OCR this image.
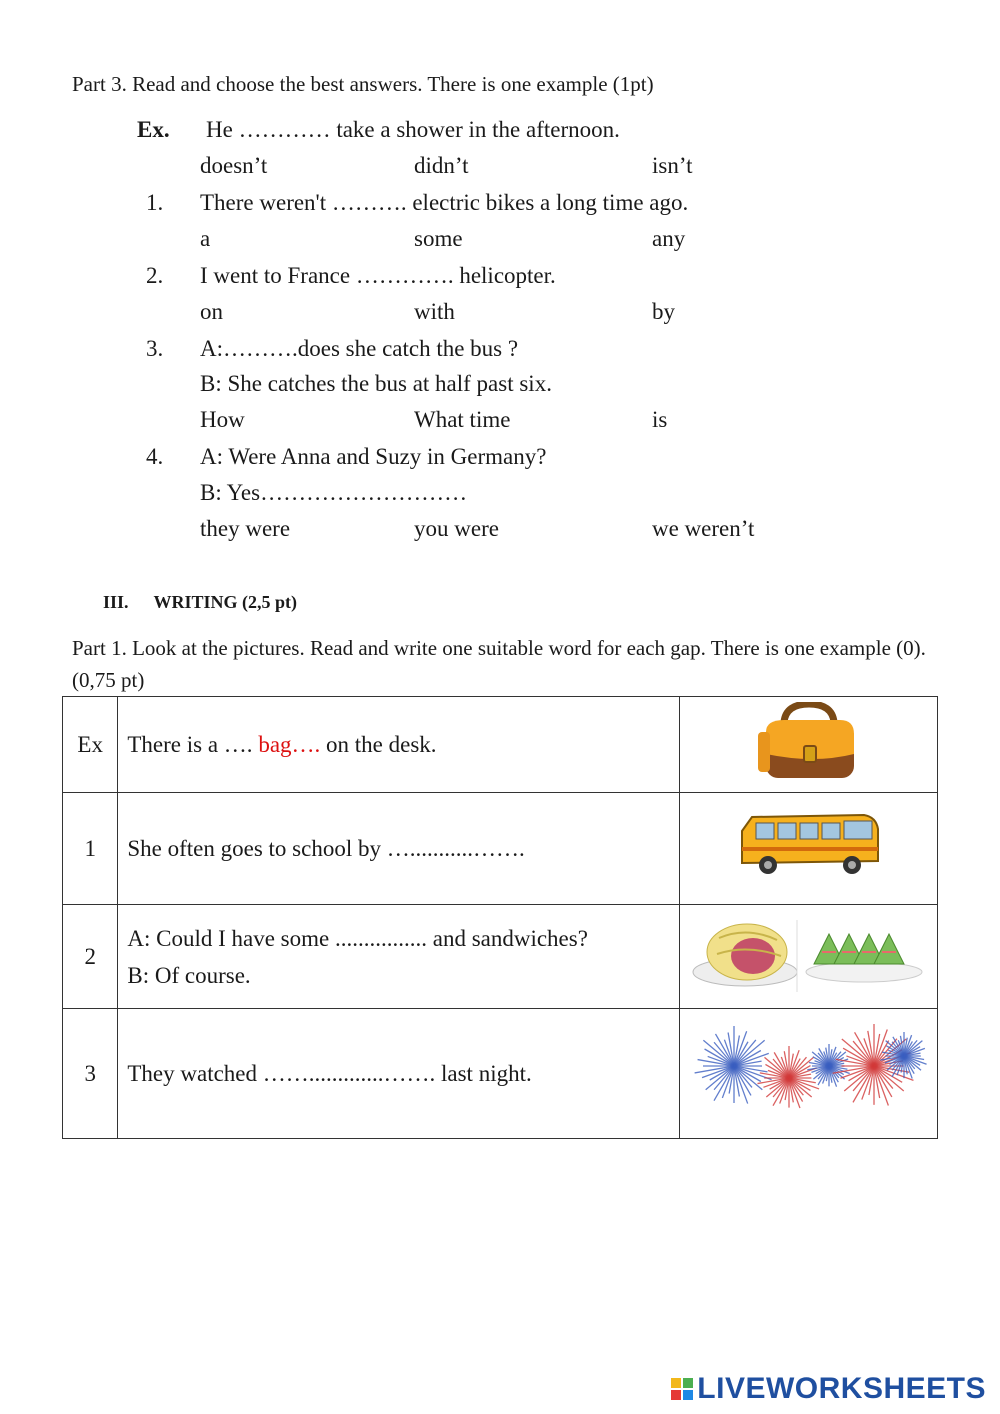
Part 3. Read and choose the best answers. There is one example (1pt)
Ex. He ………… take a shower in the afternoon.
doesn’t	didn’t	isn’t
1. There weren't ………. electric bikes a long time ago.
a	some	any
2. I went to France …………. helicopter.
on	with	by
3. A:……….does she catch the bus ?
B: She catches the bus at half past six.
How	What time	is
4. A: Were Anna and Suzy in Germany?
B: Yes………………………
they were	you were	we weren’t
III. WRITING (2,5 pt)
Part 1. Look at the pictures. Read and write one suitable word for each gap. There is one example (0). (0,75 pt)
Ex	There is a …. bag…. on the desk.	
1	She often goes to school by …...........…….	
2	A: Could I have some ................ and sandwiches?
B: Of course.

3	They watched …….............……. last night.	
LIVEWORKSHEETS
